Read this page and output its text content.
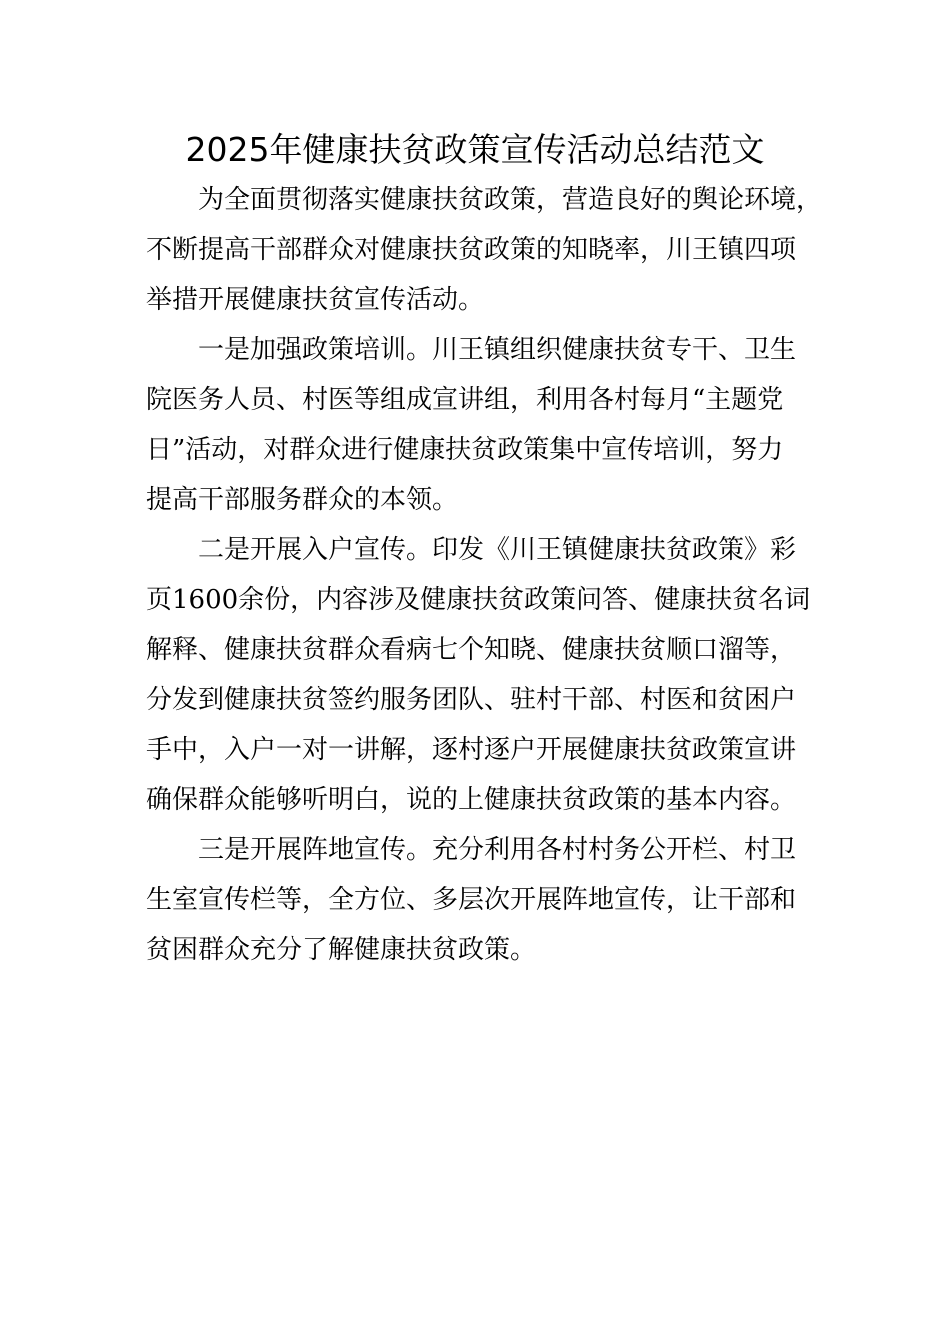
2025年健康扶贫政策宣传活动总结范文
为全面贯彻落实健康扶贫政策，营造良好的舆论环境，
不断提高干部群众对健康扶贫政策的知晓率，川王镇四项
举措开展健康扶贫宣传活动。
一是加强政策培训。川王镇组织健康扶贫专干、卫生
院医务人员、村医等组成宣讲组，利用各村每月“主题党
日”活动，对群众进行健康扶贫政策集中宣传培训，努力
提高干部服务群众的本领。
二是开展入户宣传。印发《川王镇健康扶贫政策》彩
页1600余份，内容涉及健康扶贫政策问答、健康扶贫名词
解释、健康扶贫群众看病七个知晓、健康扶贫顺口溜等，
分发到健康扶贫签约服务团队、驻村干部、村医和贫困户
手中，入户一对一讲解，逐村逐户开展健康扶贫政策宣讲
确保群众能够听明白，说的上健康扶贫政策的基本内容。
三是开展阵地宣传。充分利用各村村务公开栏、村卫
生室宣传栏等，全方位、多层次开展阵地宣传，让干部和
贫困群众充分了解健康扶贫政策。
